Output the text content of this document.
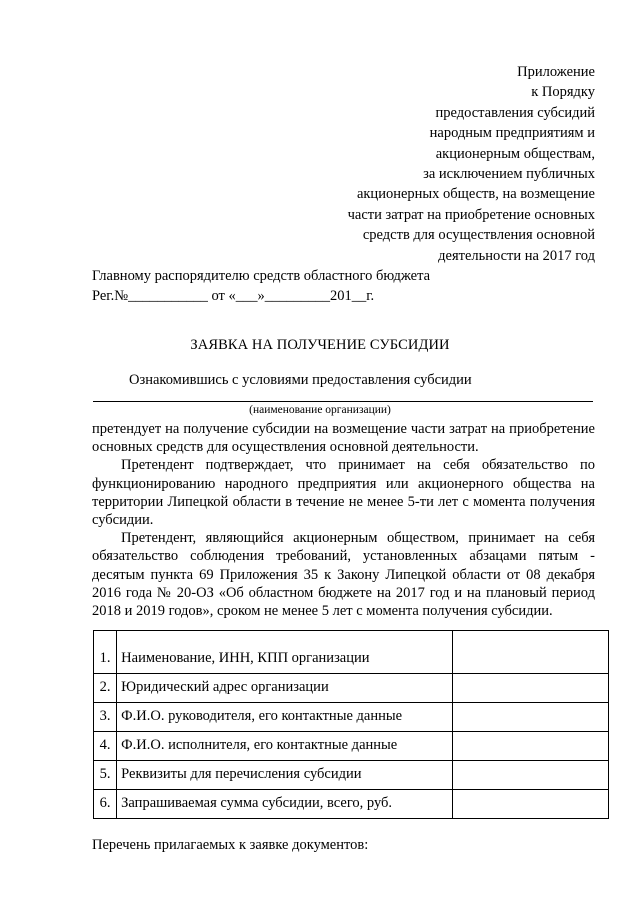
Приложение
к Порядку
предоставления субсидий
народным предприятиям и
акционерным обществам,
за исключением публичных
акционерных обществ, на возмещение
части затрат на приобретение основных
средств для осуществления основной
деятельности на 2017 год
Главному распорядителю средств областного бюджета
Рег.№___________ от «___»_________201__г.
ЗАЯВКА НА ПОЛУЧЕНИЕ СУБСИДИИ
Ознакомившись с условиями предоставления субсидии
(наименование организации)

претендует на получение субсидии на возмещение части затрат на приобретение основных средств для осуществления основной деятельности.

Претендент подтверждает, что принимает на себя обязательство по функционированию народного предприятия или акционерного общества на территории Липецкой области в течение не менее 5-ти лет с момента получения субсидии.

Претендент, являющийся акционерным обществом, принимает на себя обязательство соблюдения требований, установленных абзацами пятым - десятым пункта 69 Приложения 35 к Закону Липецкой области от 08 декабря 2016 года № 20-ОЗ «Об областном бюджете на 2017 год и на плановый период 2018 и 2019 годов», сроком не менее 5 лет с момента получения субсидии.

1.	Наименование, ИНН, КПП организации	
2.	Юридический адрес организации	
3.	Ф.И.О. руководителя, его контактные данные	
4.	Ф.И.О. исполнителя, его контактные данные	
5.	Реквизиты для перечисления субсидии	
6.	Запрашиваемая сумма субсидии, всего, руб.	
Перечень прилагаемых к заявке документов:
